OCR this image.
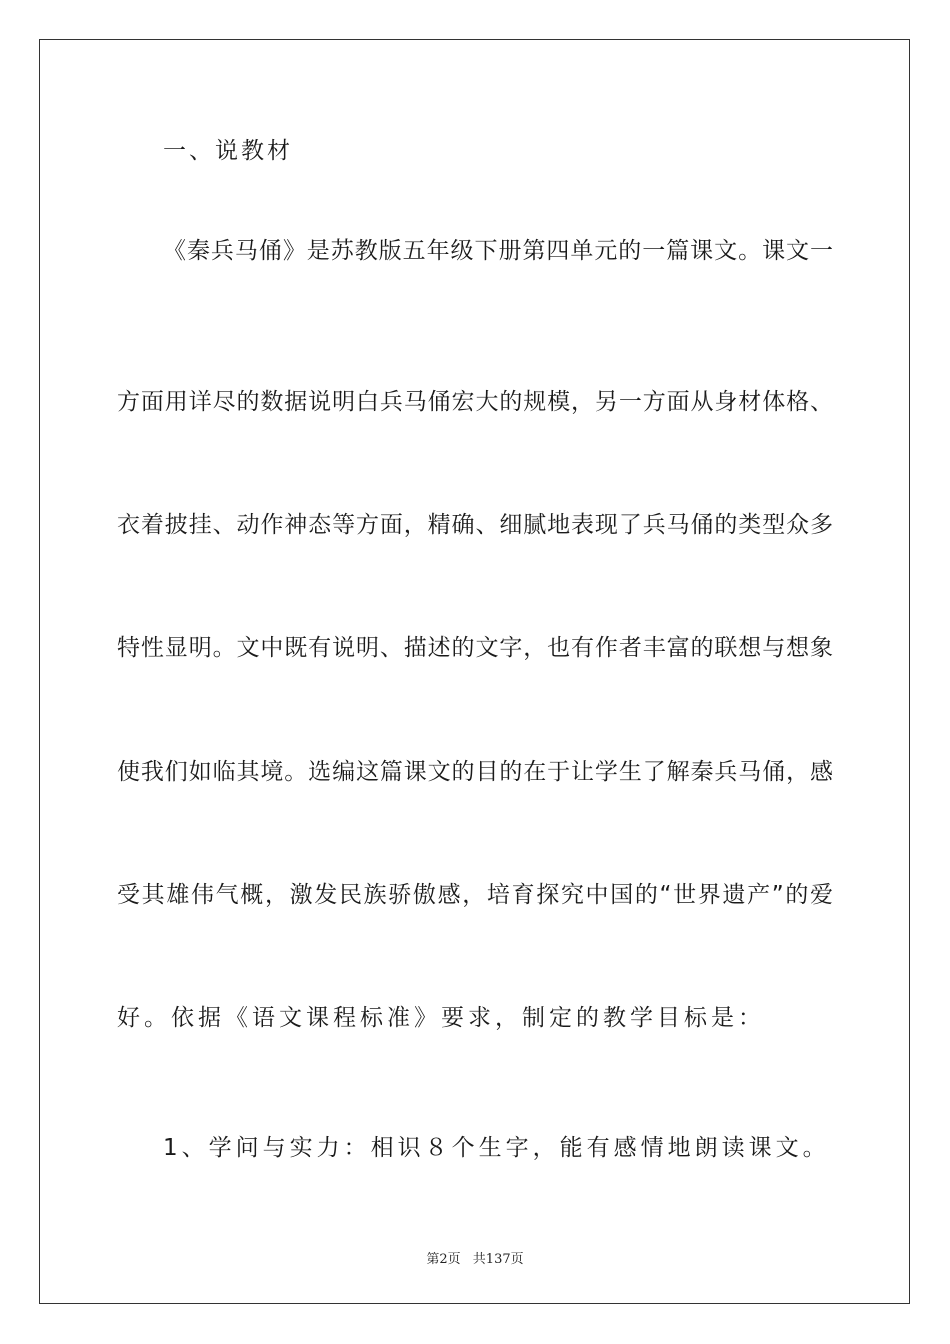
一、说教材
《秦兵马俑》是苏教版五年级下册第四单元的一篇课文。课文一
方面用详尽的数据说明白兵马俑宏大的规模，另一方面从身材体格、
衣着披挂、动作神态等方面，精确、细腻地表现了兵马俑的类型众多
特性显明。文中既有说明、描述的文字，也有作者丰富的联想与想象
使我们如临其境。选编这篇课文的目的在于让学生了解秦兵马俑，感
受其雄伟气概，激发民族骄傲感，培育探究中国的“世界遗产”的爱
好。依据《语文课程标准》要求，制定的教学目标是：
1、学问与实力：相识８个生字，能有感情地朗读课文。
第2页 共137页
